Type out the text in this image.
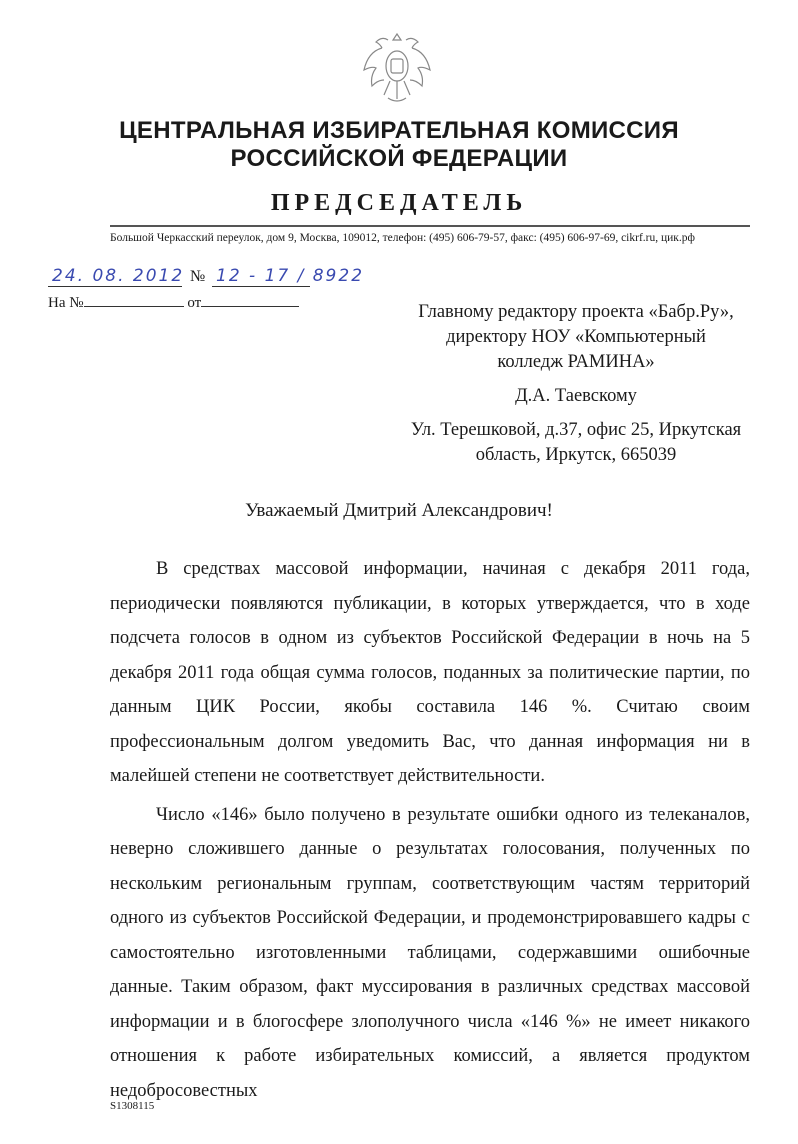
ЦЕНТРАЛЬНАЯ ИЗБИРАТЕЛЬНАЯ КОМИССИЯ
РОССИЙСКОЙ ФЕДЕРАЦИИ
ПРЕДСЕДАТЕЛЬ
Большой Черкасский переулок, дом 9, Москва, 109012, телефон: (495) 606-79-57, факс: (495) 606-97-69, cikrf.ru, цик.рф
24. 08. 2012 № 12 - 17 / 8922
На №	от	Главному редактору проекта «Бабр.Ру»,
директору НОУ «Компьютерный
колледж РАМИНА»
Д.А. Таевскому
Ул. Терешковой, д.37, офис 25, Иркутская
область, Иркутск, 665039
Уважаемый Дмитрий Александрович!

В средствах массовой информации, начиная с декабря 2011 года, периодически появляются публикации, в которых утверждается, что в ходе подсчета голосов в одном из субъектов Российской Федерации в ночь на 5 декабря 2011 года общая сумма голосов, поданных за политические партии, по данным ЦИК России, якобы составила 146 %. Считаю своим профессиональным долгом уведомить Вас, что данная информация ни в малейшей степени не соответствует действительности.

Число «146» было получено в результате ошибки одного из телеканалов, неверно сложившего данные о результатах голосования, полученных по нескольким региональным группам, соответствующим частям территорий одного из субъектов Российской Федерации, и продемонстрировавшего кадры с самостоятельно изготовленными таблицами, содержавшими ошибочные данные. Таким образом, факт муссирования в различных средствах массовой информации и в блогосфере злополучного числа «146 %» не имеет никакого отношения к работе избирательных комиссий, а является продуктом недобросовестных

S1308115
